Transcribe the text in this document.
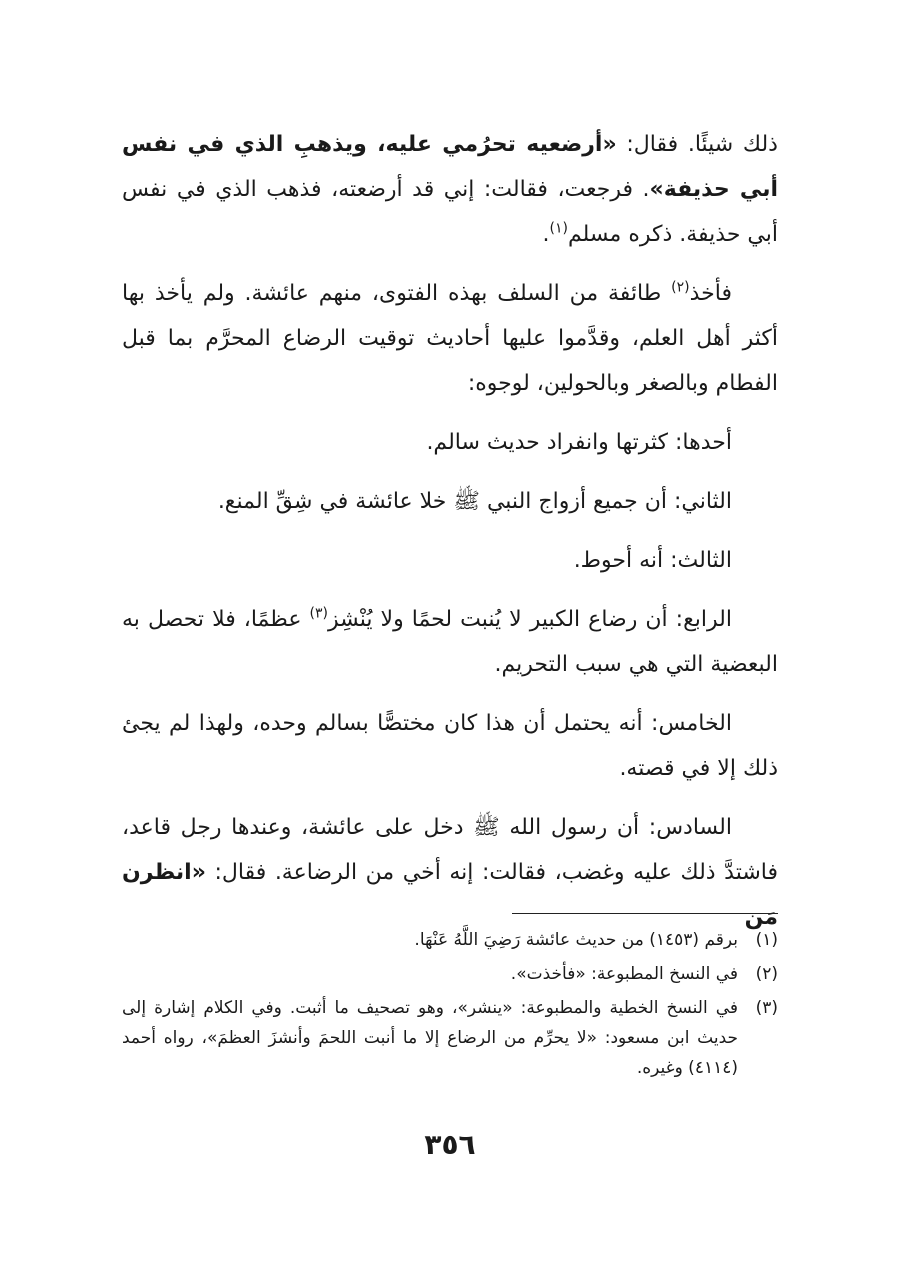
ذلك شيئًا. فقال: «أرضعيه تحرُمي عليه، ويذهبِ الذي في نفس أبي حذيفة». فرجعت، فقالت: إني قد أرضعته، فذهب الذي في نفس أبي حذيفة. ذكره مسلم$^{(١)}$.

فأخذ$^{(٢)}$ طائفة من السلف بهذه الفتوى، منهم عائشة. ولم يأخذ بها أكثر أهل العلم، وقدَّموا عليها أحاديث توقيت الرضاع المحرَّم بما قبل الفطام وبالصغر وبالحولين، لوجوه:

أحدها: كثرتها وانفراد حديث سالم.

الثاني: أن جميع أزواج النبي ﷺ خلا عائشة في شِقِّ المنع.

الثالث: أنه أحوط.

الرابع: أن رضاع الكبير لا يُنبت لحمًا ولا يُنْشِز$^{(٣)}$ عظمًا، فلا تحصل به البعضية التي هي سبب التحريم.

الخامس: أنه يحتمل أن هذا كان مختصًّا بسالم وحده، ولهذا لم يجئ ذلك إلا في قصته.

السادس: أن رسول الله ﷺ دخل على عائشة، وعندها رجل قاعد، فاشتدَّ ذلك عليه وغضب، فقالت: إنه أخي من الرضاعة. فقال: «انظرن مَن

(١)
برقم (١٤٥٣) من حديث عائشة رَضِيَ اللَّهُ عَنْهَا.
(٢)
في النسخ المطبوعة: «فأخذت».
(٣)
في النسخ الخطية والمطبوعة: «ينشر»، وهو تصحيف ما أثبت. وفي الكلام إشارة إلى حديث ابن مسعود: «لا يحرِّم من الرضاع إلا ما أنبت اللحمَ وأنشزَ العظمَ»، رواه أحمد (٤١١٤) وغيره.
٣٥٦
